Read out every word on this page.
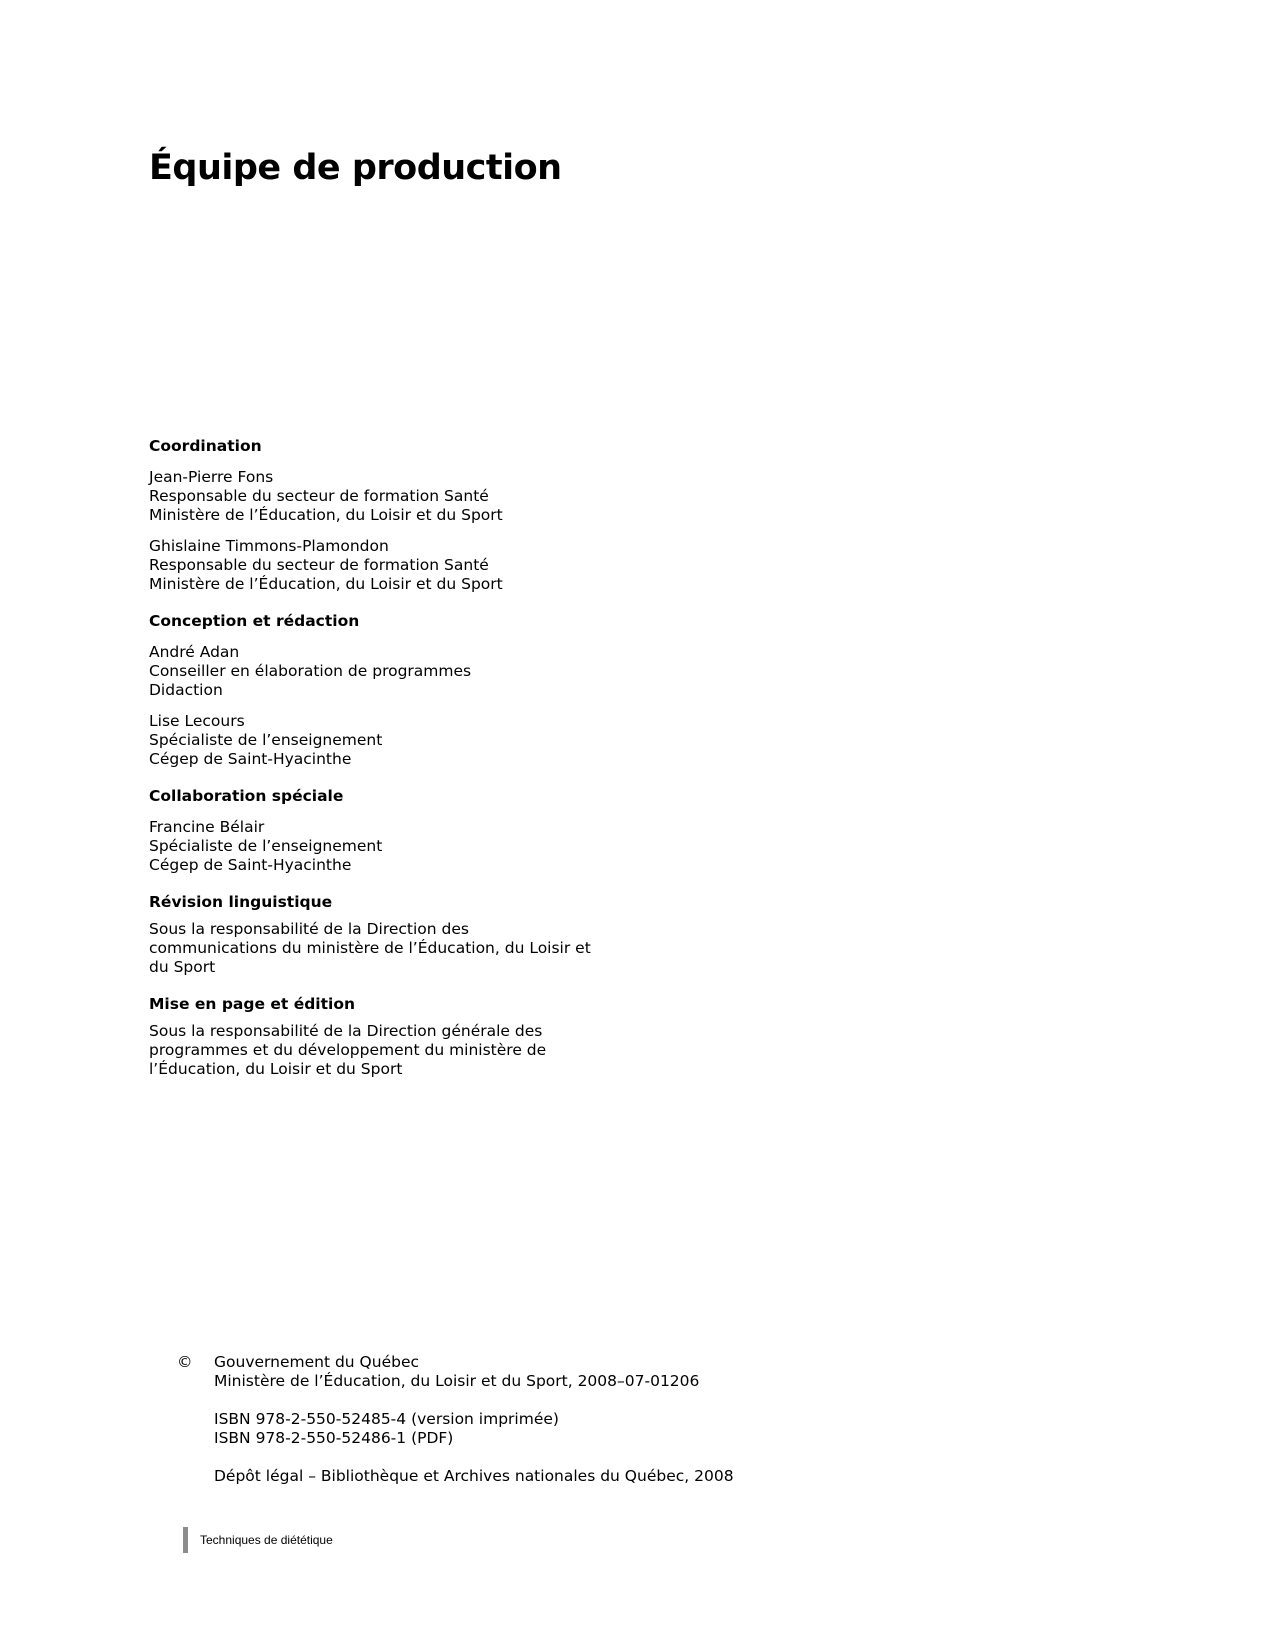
Équipe de production
Coordination
Jean-Pierre Fons
Responsable du secteur de formation Santé
Ministère de l’Éducation, du Loisir et du Sport
Ghislaine Timmons-Plamondon
Responsable du secteur de formation Santé
Ministère de l’Éducation, du Loisir et du Sport
Conception et rédaction
André Adan
Conseiller en élaboration de programmes
Didaction
Lise Lecours
Spécialiste de l’enseignement
Cégep de Saint-Hyacinthe
Collaboration spéciale
Francine Bélair
Spécialiste de l’enseignement
Cégep de Saint-Hyacinthe
Révision linguistique
Sous la responsabilité de la Direction des
communications du ministère de l’Éducation, du Loisir et
du Sport
Mise en page et édition
Sous la responsabilité de la Direction générale des
programmes et du développement du ministère de
l’Éducation, du Loisir et du Sport
© Gouvernement du Québec
Ministère de l’Éducation, du Loisir et du Sport, 2008–07-01206
ISBN 978-2-550-52485-4 (version imprimée)
ISBN 978-2-550-52486-1 (PDF)
Dépôt légal – Bibliothèque et Archives nationales du Québec, 2008
Techniques de diététique
